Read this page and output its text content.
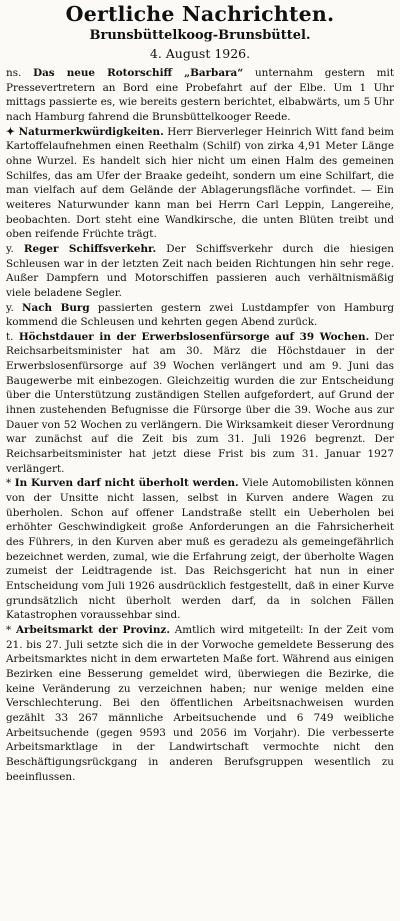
Oertliche Nachrichten.
Brunsbüttelkoog-Brunsbüttel.
4. August 1926.

ns. Das neue Rotorschiff „Barbara“ unternahm gestern mit Pressevertretern an Bord eine Probefahrt auf der Elbe. Um 1 Uhr mittags passierte es, wie bereits gestern berichtet, elbabwärts, um 5 Uhr nach Hamburg fahrend die Brunsbüttelkooger Reede.

✦ Naturmerkwürdigkeiten. Herr Bierverleger Heinrich Witt fand beim Kartoffelaufnehmen einen Reethalm (Schilf) von zirka 4,91 Meter Länge ohne Wurzel. Es handelt sich hier nicht um einen Halm des gemeinen Schilfes, das am Ufer der Braake gedeiht, sondern um eine Schilfart, die man vielfach auf dem Gelände der Ablagerungsfläche vorfindet. — Ein weiteres Naturwunder kann man bei Herrn Carl Leppin, Langereihe, beobachten. Dort steht eine Wandkirsche, die unten Blüten treibt und oben reifende Früchte trägt.

y. Reger Schiffsverkehr. Der Schiffsverkehr durch die hiesigen Schleusen war in der letzten Zeit nach beiden Richtungen hin sehr rege. Außer Dampfern und Motorschiffen passieren auch verhältnismäßig viele beladene Segler.

y. Nach Burg passierten gestern zwei Lustdampfer von Hamburg kommend die Schleusen und kehrten gegen Abend zurück.

t. Höchstdauer in der Erwerbslosenfürsorge auf 39 Wochen. Der Reichsarbeitsminister hat am 30. März die Höchstdauer in der Erwerbslosenfürsorge auf 39 Wochen verlängert und am 9. Juni das Baugewerbe mit einbezogen. Gleichzeitig wurden die zur Entscheidung über die Unterstützung zuständigen Stellen aufgefordert, auf Grund der ihnen zustehenden Befugnisse die Fürsorge über die 39. Woche aus zur Dauer von 52 Wochen zu verlängern. Die Wirksamkeit dieser Verordnung war zunächst auf die Zeit bis zum 31. Juli 1926 begrenzt. Der Reichsarbeitsminister hat jetzt diese Frist bis zum 31. Januar 1927 verlängert.

* In Kurven darf nicht überholt werden. Viele Automobilisten können von der Unsitte nicht lassen, selbst in Kurven andere Wagen zu überholen. Schon auf offener Landstraße stellt ein Ueberholen bei erhöhter Geschwindigkeit große Anforderungen an die Fahrsicherheit des Führers, in den Kurven aber muß es geradezu als gemeingefährlich bezeichnet werden, zumal, wie die Erfahrung zeigt, der überholte Wagen zumeist der Leidtragende ist. Das Reichsgericht hat nun in einer Entscheidung vom Juli 1926 ausdrücklich festgestellt, daß in einer Kurve grundsätzlich nicht überholt werden darf, da in solchen Fällen Katastrophen voraussehbar sind.

* Arbeitsmarkt der Provinz. Amtlich wird mitgeteilt: In der Zeit vom 21. bis 27. Juli setzte sich die in der Vorwoche gemeldete Besserung des Arbeitsmarktes nicht in dem erwarteten Maße fort. Während aus einigen Bezirken eine Besserung gemeldet wird, überwiegen die Bezirke, die keine Veränderung zu verzeichnen haben; nur wenige melden eine Verschlechterung. Bei den öffentlichen Arbeitsnachweisen wurden gezählt 33 267 männliche Arbeitsuchende und 6 749 weibliche Arbeitsuchende (gegen 9593 und 2056 im Vorjahr). Die verbesserte Arbeitsmarktlage in der Landwirtschaft vermochte nicht den Beschäftigungsrückgang in anderen Berufsgruppen wesentlich zu beeinflussen.
